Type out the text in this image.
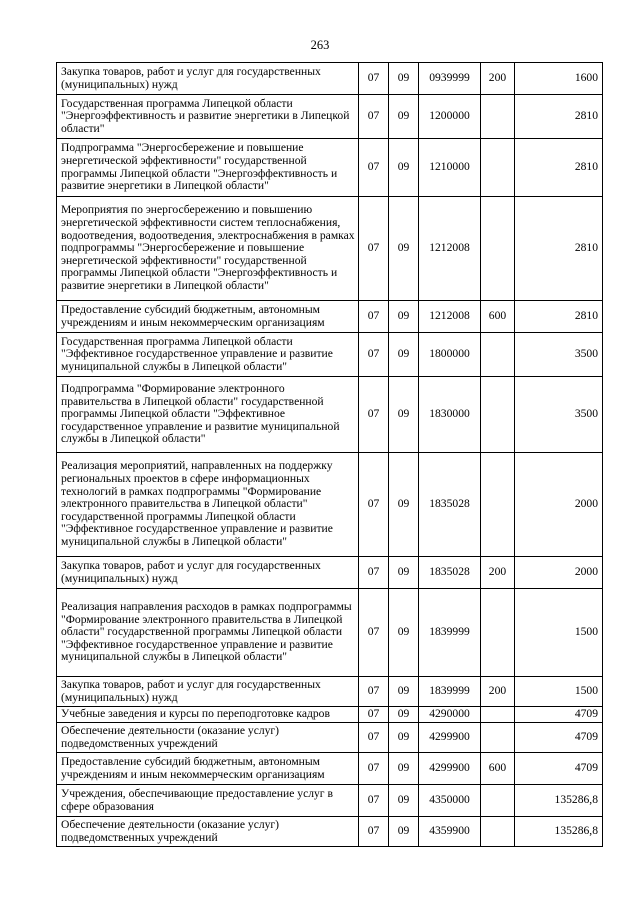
263
Закупка товаров, работ и услуг для государственных (муниципальных) нужд	07	09	0939999	200	1600
Государственная программа Липецкой области "Энергоэффективность и развитие энергетики в Липецкой области"	07	09	1200000		2810
Подпрограмма "Энергосбережение и повышение энергетической эффективности" государственной программы Липецкой области "Энергоэффективность и развитие энергетики в Липецкой области"	07	09	1210000		2810
Мероприятия по энергосбережению и повышению энергетической эффективности систем теплоснабжения, водоотведения, водоотведения, электроснабжения в рамках подпрограммы "Энергосбережение и повышение энергетической эффективности" государственной программы Липецкой области "Энергоэффективность и развитие энергетики в Липецкой области"	07	09	1212008		2810
Предоставление субсидий бюджетным, автономным учреждениям и иным некоммерческим организациям	07	09	1212008	600	2810
Государственная программа Липецкой области "Эффективное государственное управление и развитие муниципальной службы в Липецкой области"	07	09	1800000		3500
Подпрограмма "Формирование электронного правительства в Липецкой области" государственной программы Липецкой области "Эффективное государственное управление и развитие муниципальной службы в Липецкой области"	07	09	1830000		3500
Реализация мероприятий, направленных на поддержку региональных проектов в сфере информационных технологий в рамках подпрограммы "Формирование электронного правительства в Липецкой области" государственной программы Липецкой области "Эффективное государственное управление и развитие муниципальной службы в Липецкой области"	07	09	1835028		2000
Закупка товаров, работ и услуг для государственных (муниципальных) нужд	07	09	1835028	200	2000
Реализация направления расходов в рамках подпрограммы "Формирование электронного правительства в Липецкой области" государственной программы Липецкой области "Эффективное государственное управление и развитие муниципальной службы в Липецкой области"	07	09	1839999		1500
Закупка товаров, работ и услуг для государственных (муниципальных) нужд	07	09	1839999	200	1500
Учебные заведения и курсы по переподготовке кадров	07	09	4290000		4709
Обеспечение деятельности (оказание услуг) подведомственных учреждений	07	09	4299900		4709
Предоставление субсидий бюджетным, автономным учреждениям и иным некоммерческим организациям	07	09	4299900	600	4709
Учреждения, обеспечивающие предоставление услуг в сфере образования	07	09	4350000		135286,8
Обеспечение деятельности (оказание услуг) подведомственных учреждений	07	09	4359900		135286,8
